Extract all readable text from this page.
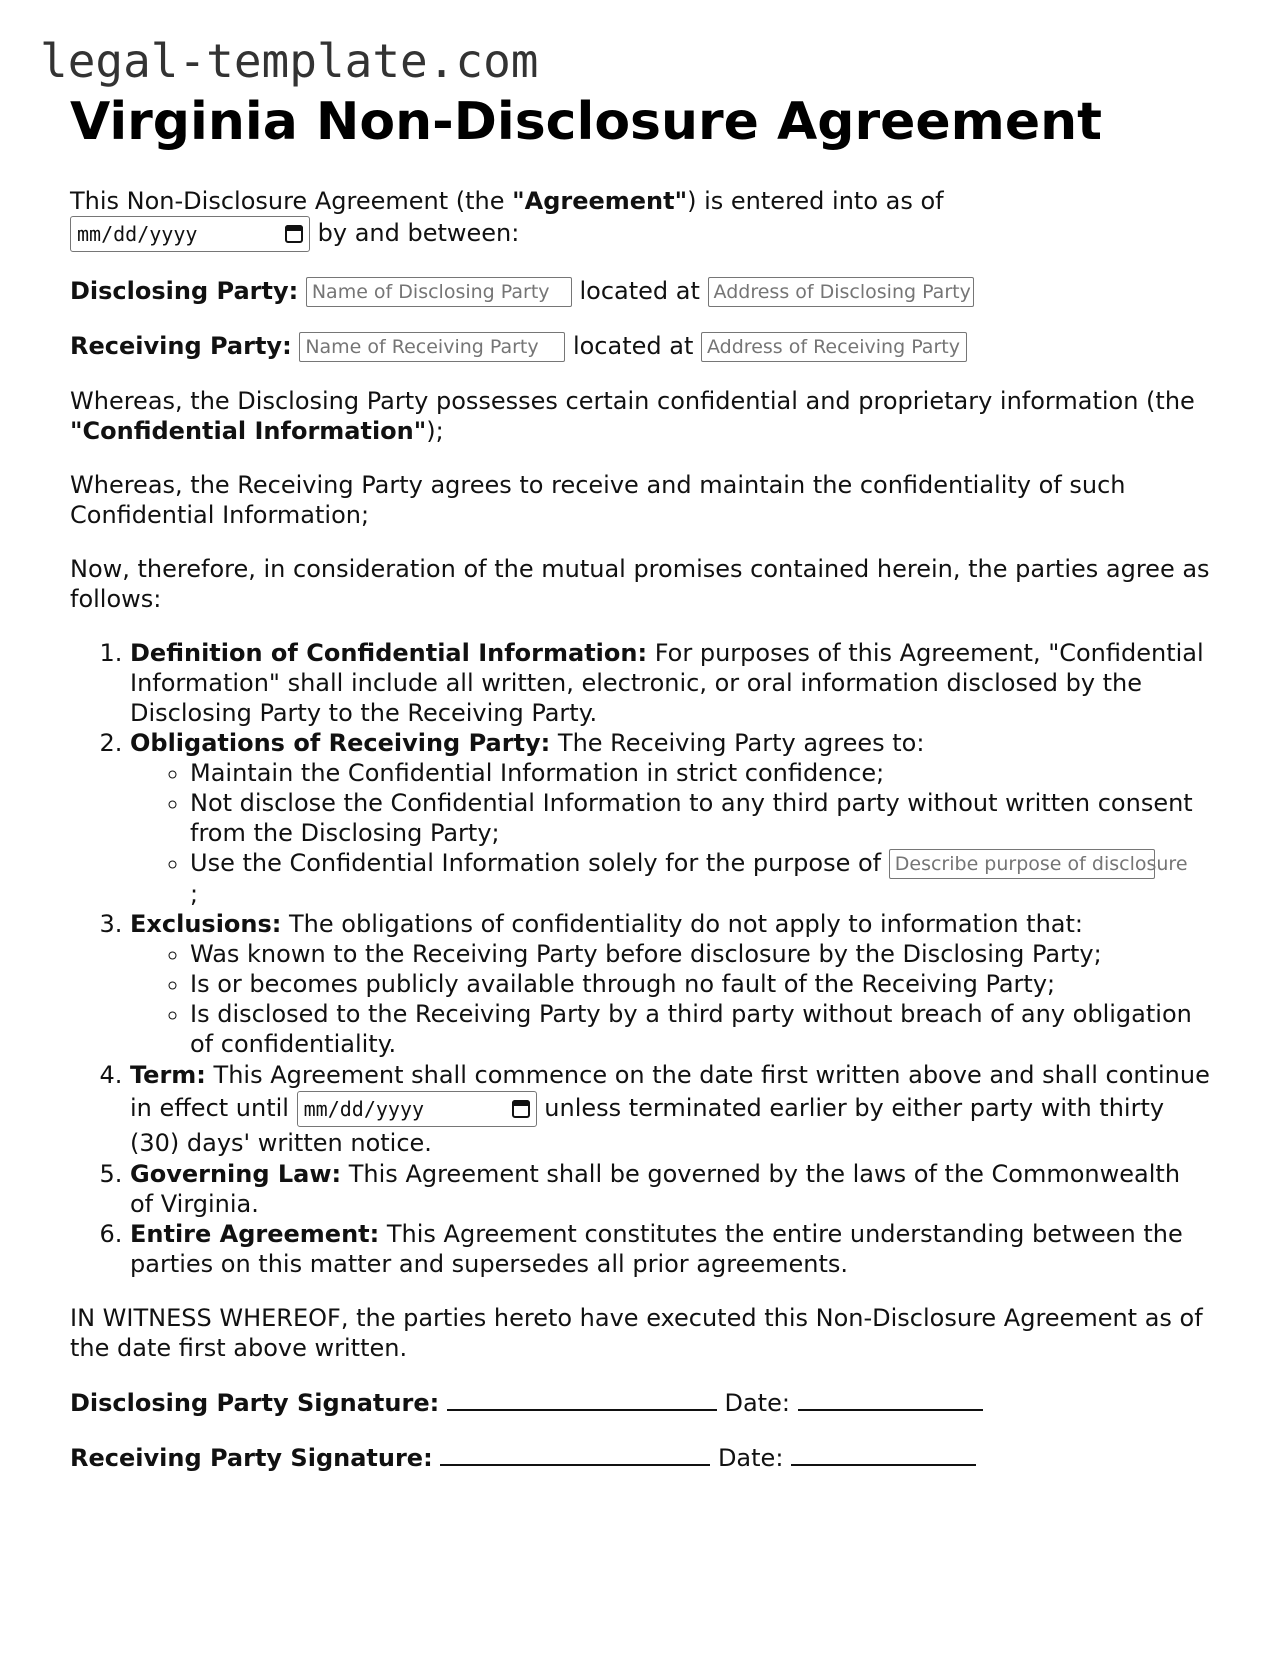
legal-template.com
Virginia Non-Disclosure Agreement

This Non-Disclosure Agreement (the "Agreement") is entered into as of

mm/dd/yyyy	by and between:

Disclosing Party: Name of Disclosing Party located at Address of Disclosing Party

Receiving Party: Name of Receiving Party located at Address of Receiving Party

Whereas, the Disclosing Party possesses certain confidential and proprietary information (the "Confidential Information");

Whereas, the Receiving Party agrees to receive and maintain the confidentiality of such Confidential Information;

Now, therefore, in consideration of the mutual promises contained herein, the parties agree as follows:

1. Definition of Confidential Information: For purposes of this Agreement, "Confidential Information" shall include all written, electronic, or oral information disclosed by the Disclosing Party to the Receiving Party.
2. Obligations of Receiving Party: The Receiving Party agrees to:
◦ Maintain the Confidential Information in strict confidence;
◦ Not disclose the Confidential Information to any third party without written consent from the Disclosing Party;
◦ Use the Confidential Information solely for the purpose of Describe purpose of disclosure
;
3. Exclusions: The obligations of confidentiality do not apply to information that:
◦ Was known to the Receiving Party before disclosure by the Disclosing Party;
◦ Is or becomes publicly available through no fault of the Receiving Party;
◦ Is disclosed to the Receiving Party by a third party without breach of any obligation of confidentiality.
4. Term: This Agreement shall commence on the date first written above and shall continue in effect until mm/dd/yyyy	unless terminated earlier by either party with thirty (30) days' written notice.
5. Governing Law: This Agreement shall be governed by the laws of the Commonwealth of Virginia.
6. Entire Agreement: This Agreement constitutes the entire understanding between the parties on this matter and supersedes all prior agreements.

IN WITNESS WHEREOF, the parties hereto have executed this Non-Disclosure Agreement as of the date first above written.

Disclosing Party Signature:	Date:

Receiving Party Signature:	Date:
